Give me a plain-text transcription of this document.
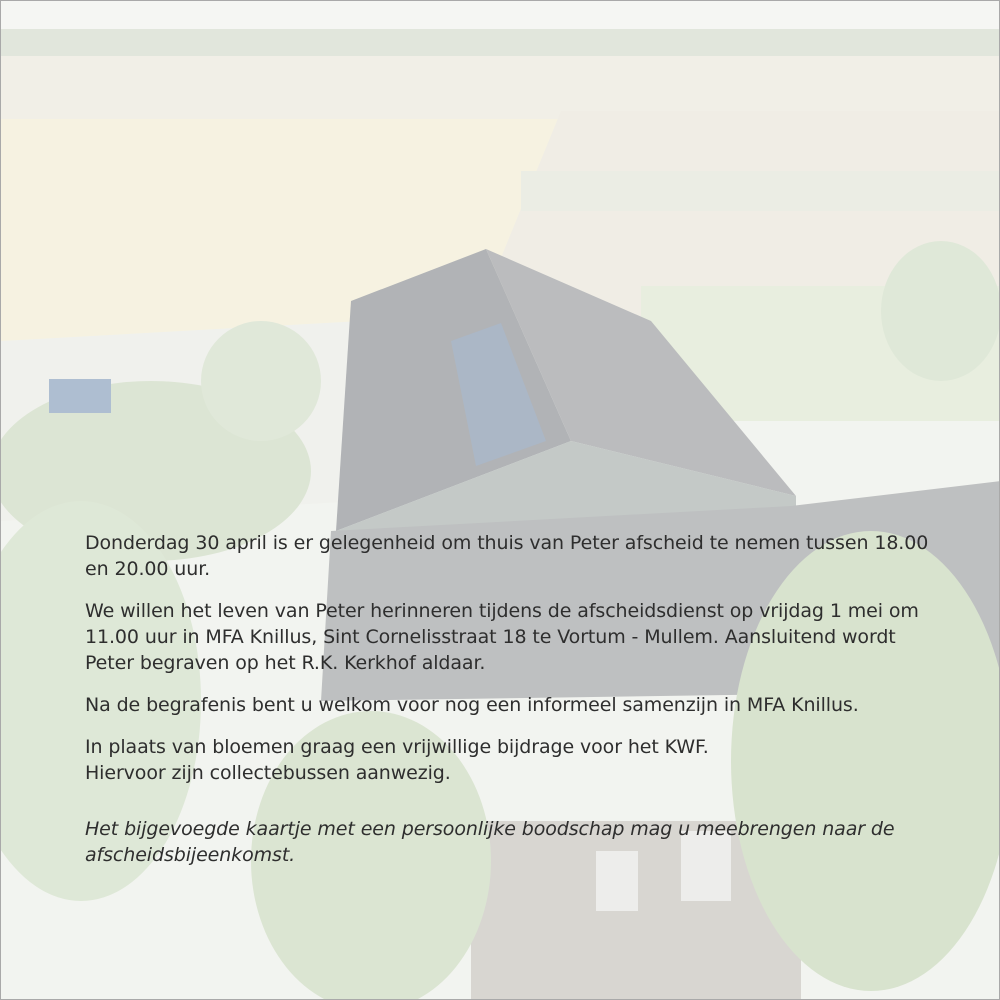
Donderdag 30 april is er gelegenheid om thuis van Peter afscheid te nemen tussen 18.00 en 20.00 uur.

We willen het leven van Peter herinneren tijdens de afscheidsdienst op vrijdag 1 mei om 11.00 uur in MFA Knillus, Sint Cornelisstraat 18 te Vortum - Mullem. Aansluitend wordt Peter begraven op het R.K. Kerkhof aldaar.

Na de begrafenis bent u welkom voor nog een informeel samenzijn in MFA Knillus.

In plaats van bloemen graag een vrijwillige bijdrage voor het KWF.
Hiervoor zijn collectebussen aanwezig.

Het bijgevoegde kaartje met een persoonlijke boodschap mag u meebrengen naar de afscheidsbijeenkomst.
